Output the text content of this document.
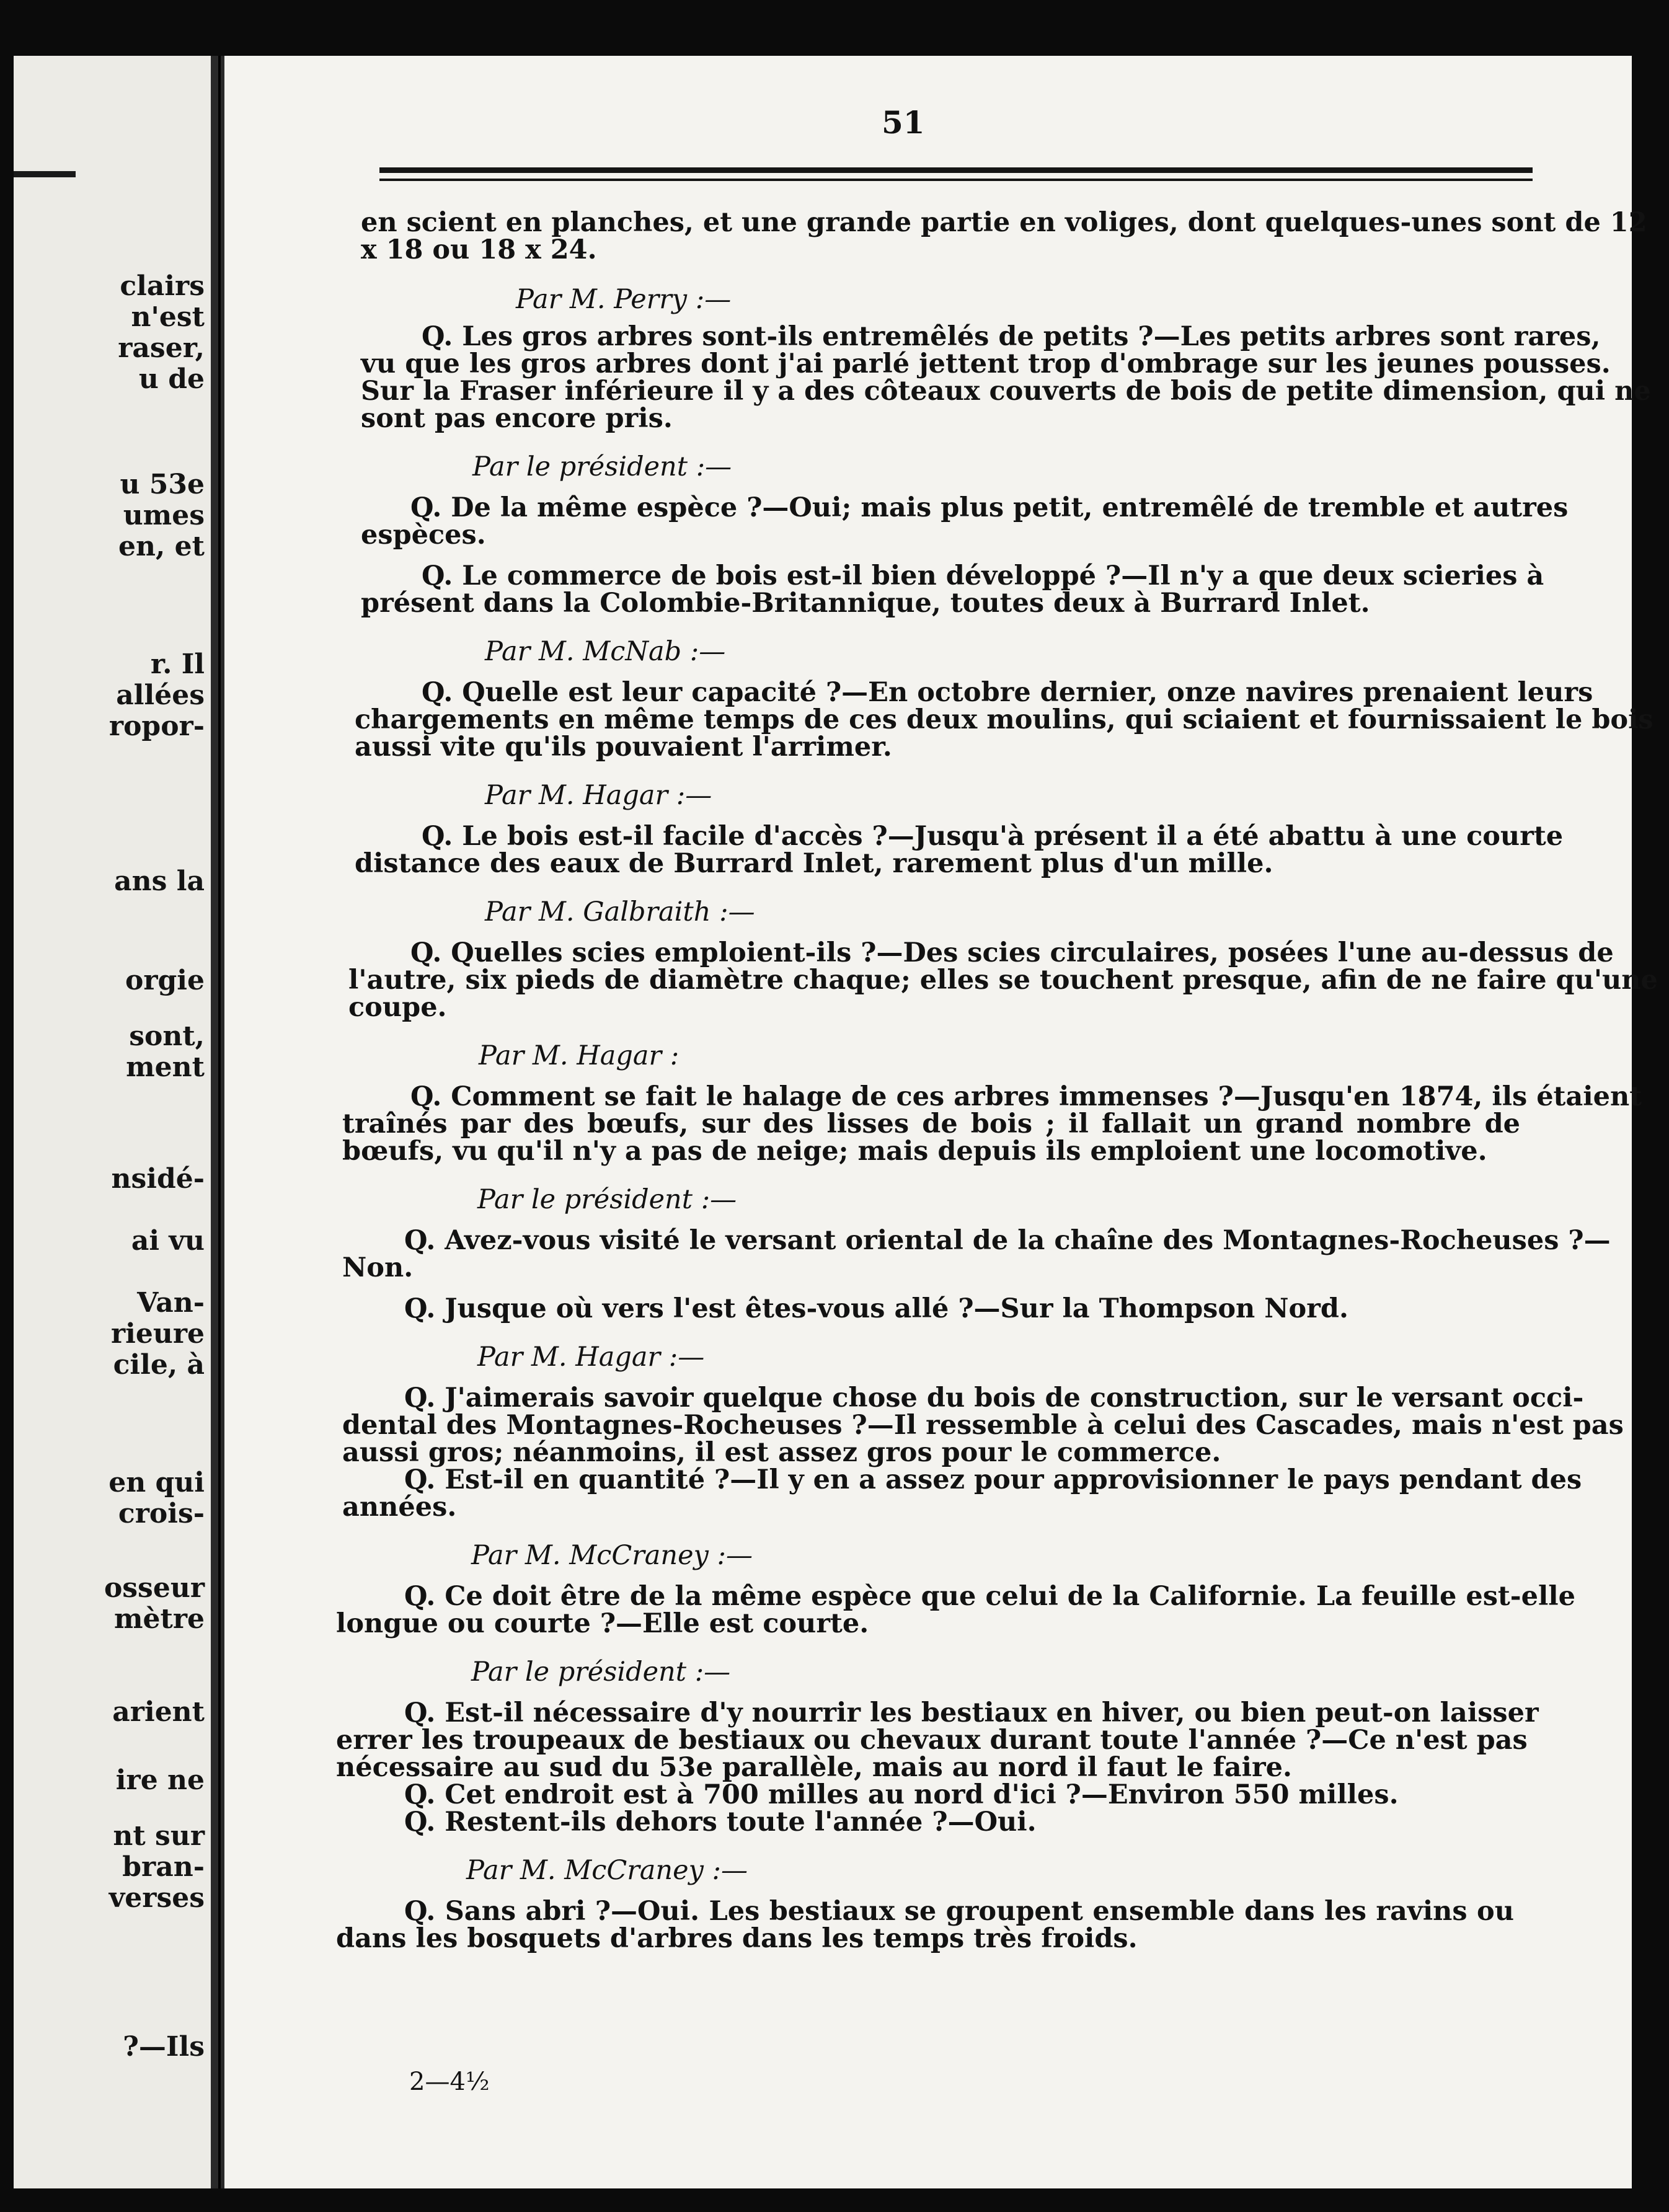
clairs
n'est
raser,
u de
u 53e
umes
en, et
r. Il
allées
ropor-
ans la
orgie
sont,
ment
nsidé-
ai vu
Van-
rieure
cile, à
en qui
crois-
osseur
mètre
arient
ire ne
nt sur
bran-
verses
?—Ils
51
en scient en planches, et une grande partie en voliges, dont quelques-unes sont de 12
x 18 ou 18 x 24.
Par M. Perry :—
Q. Les gros arbres sont-ils entremêlés de petits ?—Les petits arbres sont rares,
vu que les gros arbres dont j'ai parlé jettent trop d'ombrage sur les jeunes pousses.
Sur la Fraser inférieure il y a des côteaux couverts de bois de petite dimension, qui ne
sont pas encore pris.
Par le président :—
Q. De la même espèce ?—Oui; mais plus petit, entremêlé de tremble et autres
espèces.
Q. Le commerce de bois est-il bien développé ?—Il n'y a que deux scieries à
présent dans la Colombie-Britannique, toutes deux à Burrard Inlet.
Par M. McNab :—
Q. Quelle est leur capacité ?—En octobre dernier, onze navires prenaient leurs
chargements en même temps de ces deux moulins, qui sciaient et fournissaient le bois
aussi vite qu'ils pouvaient l'arrimer.
Par M. Hagar :—
Q. Le bois est-il facile d'accès ?—Jusqu'à présent il a été abattu à une courte
distance des eaux de Burrard Inlet, rarement plus d'un mille.
Par M. Galbraith :—
Q. Quelles scies emploient-ils ?—Des scies circulaires, posées l'une au-dessus de
l'autre, six pieds de diamètre chaque; elles se touchent presque, afin de ne faire qu'une
coupe.
Par M. Hagar :
Q. Comment se fait le halage de ces arbres immenses ?—Jusqu'en 1874, ils étaient
traînés par des bœufs, sur des lisses de bois ; il fallait un grand nombre de
bœufs, vu qu'il n'y a pas de neige; mais depuis ils emploient une locomotive.
Par le président :—
Q. Avez-vous visité le versant oriental de la chaîne des Montagnes-Rocheuses ?—
Non.
Q. Jusque où vers l'est êtes-vous allé ?—Sur la Thompson Nord.
Par M. Hagar :—
Q. J'aimerais savoir quelque chose du bois de construction, sur le versant occi-
dental des Montagnes-Rocheuses ?—Il ressemble à celui des Cascades, mais n'est pas
aussi gros; néanmoins, il est assez gros pour le commerce.
Q. Est-il en quantité ?—Il y en a assez pour approvisionner le pays pendant des
années.
Par M. McCraney :—
Q. Ce doit être de la même espèce que celui de la Californie. La feuille est-elle
longue ou courte ?—Elle est courte.
Par le président :—
Q. Est-il nécessaire d'y nourrir les bestiaux en hiver, ou bien peut-on laisser
errer les troupeaux de bestiaux ou chevaux durant toute l'année ?—Ce n'est pas
nécessaire au sud du 53e parallèle, mais au nord il faut le faire.
Q. Cet endroit est à 700 milles au nord d'ici ?—Environ 550 milles.
Q. Restent-ils dehors toute l'année ?—Oui.
Par M. McCraney :—
Q. Sans abri ?—Oui. Les bestiaux se groupent ensemble dans les ravins ou
dans les bosquets d'arbres dans les temps très froids.
2—4½
